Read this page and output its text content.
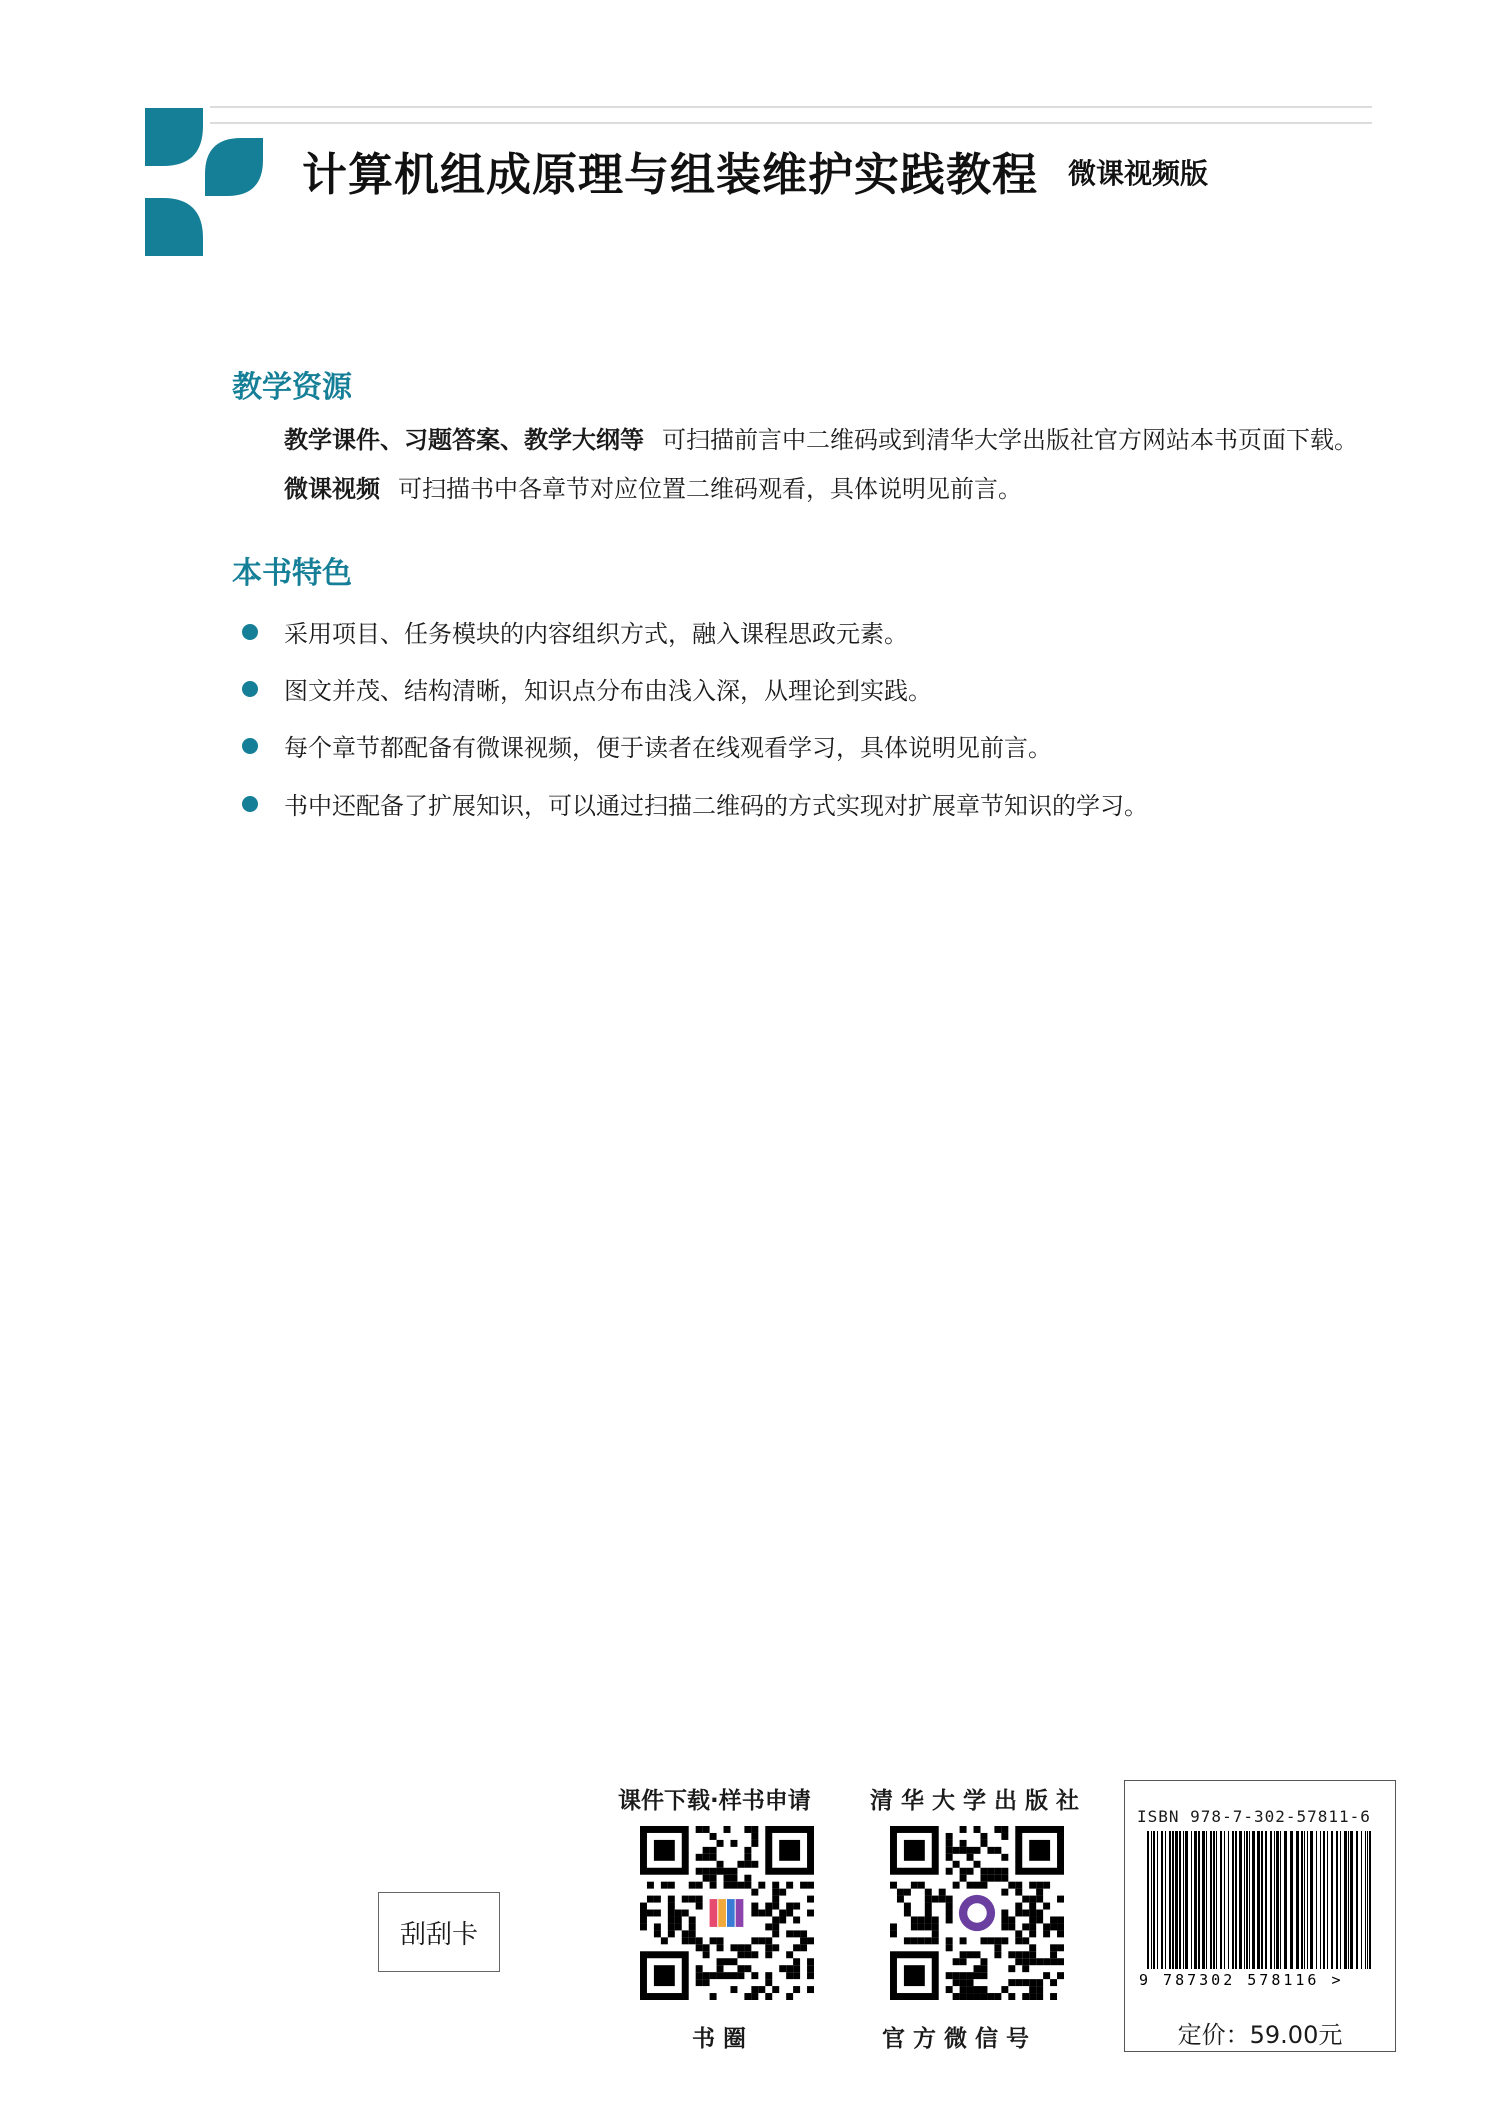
计算机组成原理与组装维护实践教程 微课视频版
教学资源
教学课件、习题答案、教学大纲等 可扫描前言中二维码或到清华大学出版社官方网站本书页面下载。
微课视频 可扫描书中各章节对应位置二维码观看，具体说明见前言。
本书特色
采用项目、任务模块的内容组织方式，融入课程思政元素。
图文并茂、结构清晰，知识点分布由浅入深，从理论到实践。
每个章节都配备有微课视频，便于读者在线观看学习，具体说明见前言。
书中还配备了扩展知识，可以通过扫描二维码的方式实现对扩展章节知识的学习。
刮刮卡
课件下载·样书申请
书 圈
清 华 大 学 出 版 社
官 方 微 信 号
ISBN 978-7-302-57811-6
9 787302 578116 >
定价：59.00元
